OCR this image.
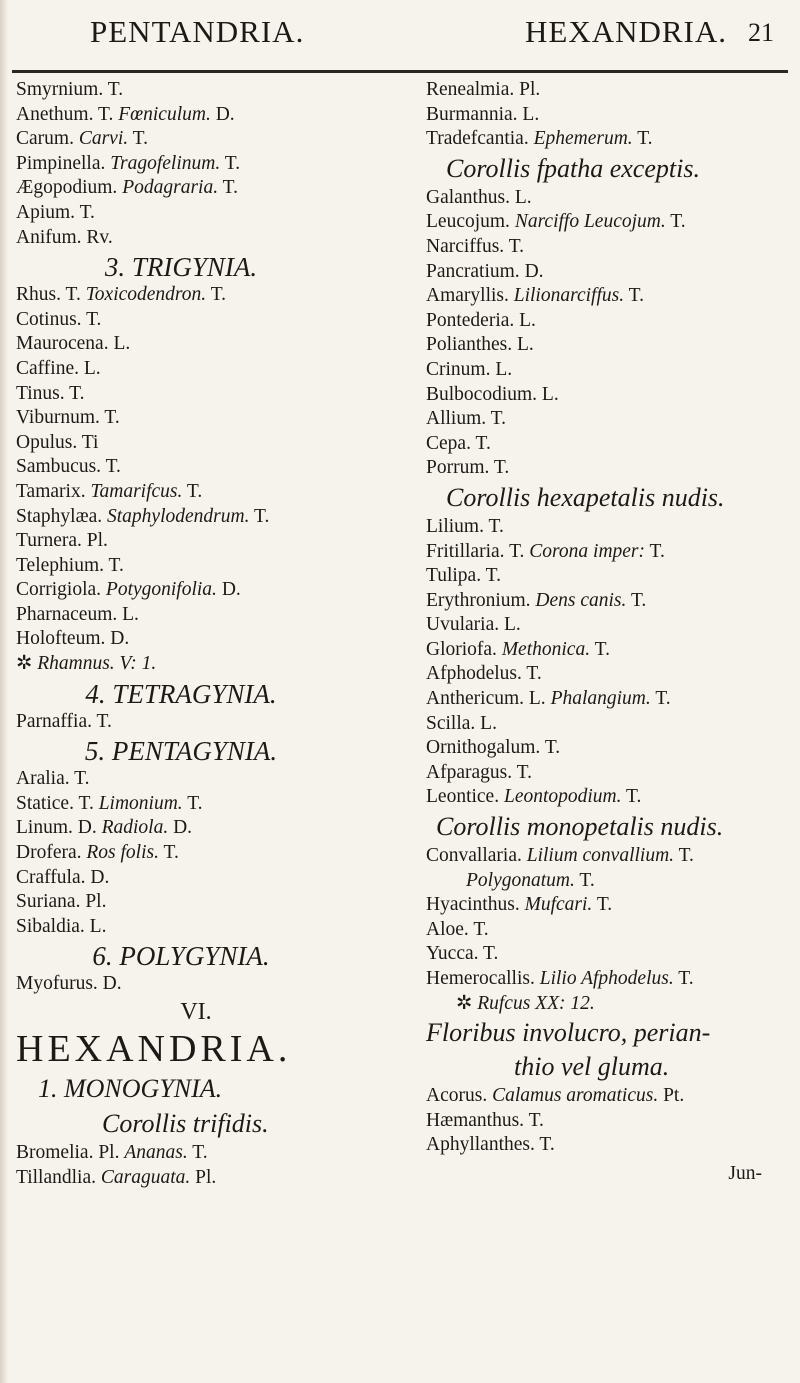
PENTANDRIA.	HEXANDRIA. 21
Smyrnium. T.
Anethum. T. Fœniculum. D.
Carum. Carvi. T.
Pimpinella. Tragofelinum. T.
Ægopodium. Podagraria. T.
Apium. T.
Anifum. Rv.
3. TRIGYNIA.
Rhus. T. Toxicodendron. T.
Cotinus. T.
Maurocena. L.
Caffine. L.
Tinus. T.
Viburnum. T.
Opulus. Ti
Sambucus. T.
Tamarix. Tamarifcus. T.
Staphylæa. Staphylodendrum. T.
Turnera. Pl.
Telephium. T.
Corrigiola. Potygonifolia. D.
Pharnaceum. L.
Holofteum. D.
✲ Rhamnus. V: 1.
4. TETRAGYNIA.
Parnaffia. T.
5. PENTAGYNIA.
Aralia. T.
Statice. T. Limonium. T.
Linum. D. Radiola. D.
Drofera. Ros folis. T.
Craffula. D.
Suriana. Pl.
Sibaldia. L.
6. POLYGYNIA.
Myofurus. D.
VI.
HEXANDRIA.
1. MONOGYNIA.
Corollis trifidis.
Bromelia. Pl. Ananas. T.
Tillandlia. Caraguata. Pl.
Renealmia. Pl.
Burmannia. L.
Tradefcantia. Ephemerum. T.
Corollis fpatha exceptis.
Galanthus. L.
Leucojum. Narciffo Leucojum. T.
Narciffus. T.
Pancratium. D.
Amaryllis. Lilionarciffus. T.
Pontederia. L.
Polianthes. L.
Crinum. L.
Bulbocodium. L.
Allium. T.
Cepa. T.
Porrum. T.
Corollis hexapetalis nudis.
Lilium. T.
Fritillaria. T. Corona imper: T.
Tulipa. T.
Erythronium. Dens canis. T.
Uvularia. L.
Gloriofa. Methonica. T.
Afphodelus. T.
Anthericum. L. Phalangium. T.
Scilla. L.
Ornithogalum. T.
Afparagus. T.
Leontice. Leontopodium. T.
Corollis monopetalis nudis.
Convallaria. Lilium convallium. T.
Polygonatum. T.
Hyacinthus. Mufcari. T.
Aloe. T.
Yucca. T.
Hemerocallis. Lilio Afphodelus. T.
✲ Rufcus XX: 12.
Floribus involucro, perian-
thio vel gluma.
Acorus. Calamus aromaticus. Pt.
Hæmanthus. T.
Aphyllanthes. T.
Jun-
